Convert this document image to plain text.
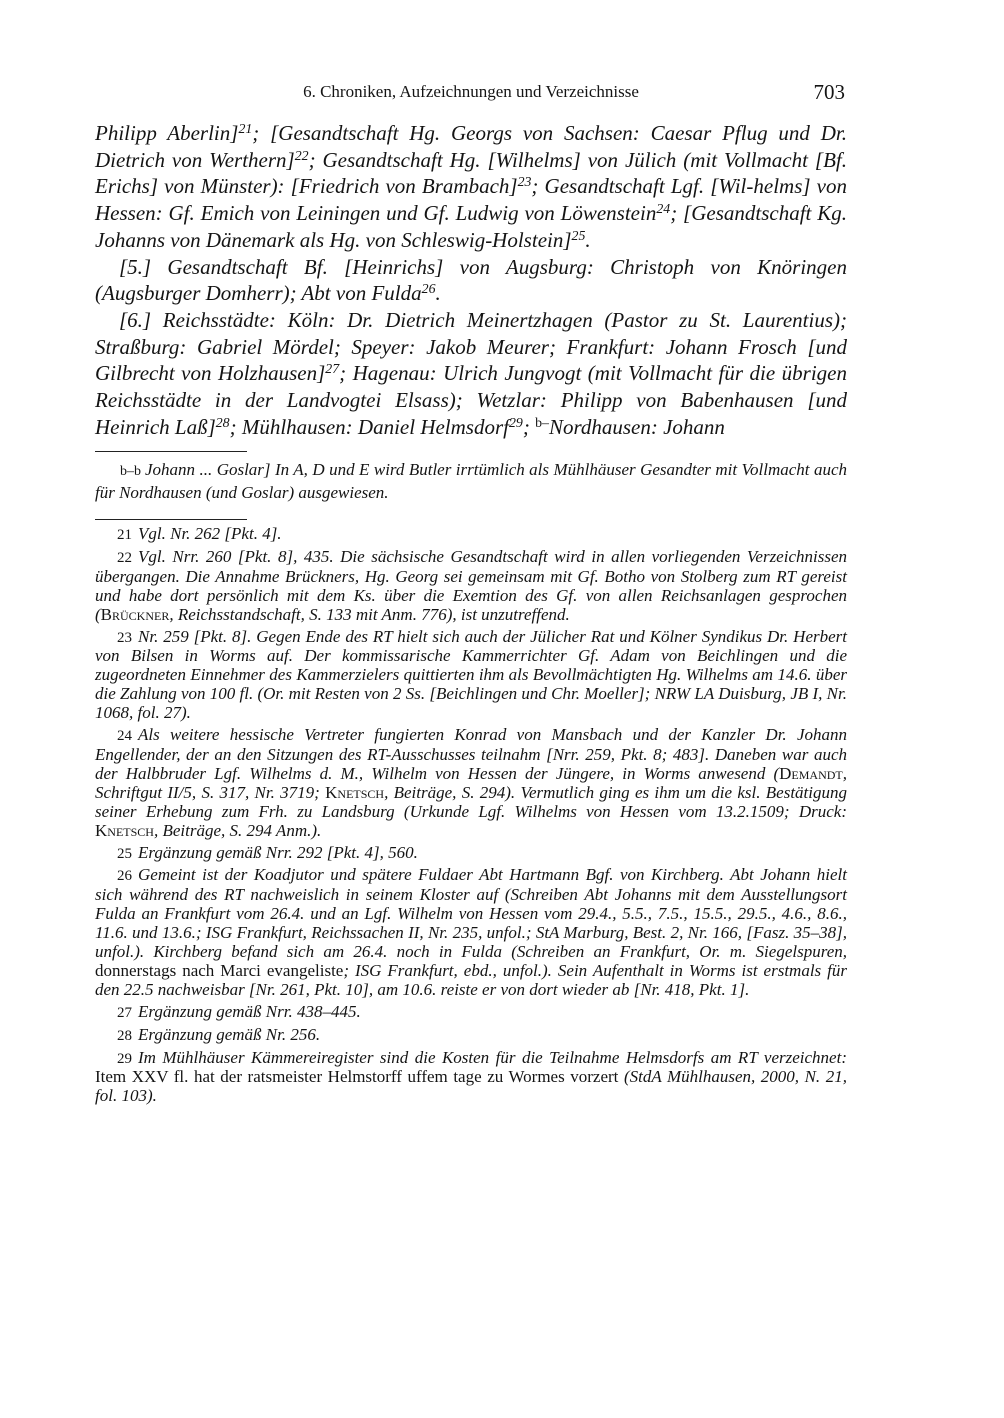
6. Chroniken, Aufzeichnungen und Verzeichnisse	703

Philipp Aberlin]$^{21}$; [Gesandtschaft Hg. Georgs von Sachsen: Caesar Pflug und Dr. Dietrich von Werthern]$^{22}$; Gesandtschaft Hg. [Wilhelms] von Jülich (mit Vollmacht [Bf. Erichs] von Münster): [Friedrich von Brambach]$^{23}$; Gesandtschaft Lgf. [Wil-helms] von Hessen: Gf. Emich von Leiningen und Gf. Ludwig von Löwenstein$^{24}$; [Gesandtschaft Kg. Johanns von Dänemark als Hg. von Schleswig-Holstein]$^{25}$.

[5.] Gesandtschaft Bf. [Heinrichs] von Augsburg: Christoph von Knöringen (Augsburger Domherr); Abt von Fulda$^{26}$.

[6.] Reichsstädte: Köln: Dr. Dietrich Meinertzhagen (Pastor zu St. Laurentius); Straßburg: Gabriel Mördel; Speyer: Jakob Meurer; Frankfurt: Johann Frosch [und Gilbrecht von Holzhausen]$^{27}$; Hagenau: Ulrich Jungvogt (mit Vollmacht für die übrigen Reichsstädte in der Landvogtei Elsass); Wetzlar: Philipp von Babenhausen [und Heinrich Laß]$^{28}$; Mühlhausen: Daniel Helmsdorf$^{29}$; $^{b-}$Nordhausen: Johann

b–b Johann ... Goslar] In A, D und E wird Butler irrtümlich als Mühlhäuser Gesandter mit Vollmacht auch für Nordhausen (und Goslar) ausgewiesen.

21 Vgl. Nr. 262 [Pkt. 4].

22 Vgl. Nrr. 260 [Pkt. 8], 435. Die sächsische Gesandtschaft wird in allen vorliegenden Verzeichnissen übergangen. Die Annahme Brückners, Hg. Georg sei gemeinsam mit Gf. Botho von Stolberg zum RT gereist und habe dort persönlich mit dem Ks. über die Exemtion des Gf. von allen Reichsanlagen gesprochen (Brückner, Reichsstandschaft, S. 133 mit Anm. 776), ist unzutreffend.

23 Nr. 259 [Pkt. 8]. Gegen Ende des RT hielt sich auch der Jülicher Rat und Kölner Syndikus Dr. Herbert von Bilsen in Worms auf. Der kommissarische Kammerrichter Gf. Adam von Beichlingen und die zugeordneten Einnehmer des Kammerzielers quittierten ihm als Bevollmächtigten Hg. Wilhelms am 14.6. über die Zahlung von 100 fl. (Or. mit Resten von 2 Ss. [Beichlingen und Chr. Moeller]; NRW LA Duisburg, JB I, Nr. 1068, fol. 27).

24 Als weitere hessische Vertreter fungierten Konrad von Mansbach und der Kanzler Dr. Johann Engellender, der an den Sitzungen des RT-Ausschusses teilnahm [Nrr. 259, Pkt. 8; 483]. Daneben war auch der Halbbruder Lgf. Wilhelms d. M., Wilhelm von Hessen der Jüngere, in Worms anwesend (Demandt, Schriftgut II/5, S. 317, Nr. 3719; Knetsch, Beiträge, S. 294). Vermutlich ging es ihm um die ksl. Bestätigung seiner Erhebung zum Frh. zu Landsburg (Urkunde Lgf. Wilhelms von Hessen vom 13.2.1509; Druck: Knetsch, Beiträge, S. 294 Anm.).

25 Ergänzung gemäß Nrr. 292 [Pkt. 4], 560.

26 Gemeint ist der Koadjutor und spätere Fuldaer Abt Hartmann Bgf. von Kirchberg. Abt Johann hielt sich während des RT nachweislich in seinem Kloster auf (Schreiben Abt Johanns mit dem Ausstellungsort Fulda an Frankfurt vom 26.4. und an Lgf. Wilhelm von Hessen vom 29.4., 5.5., 7.5., 15.5., 29.5., 4.6., 8.6., 11.6. und 13.6.; ISG Frankfurt, Reichssachen II, Nr. 235, unfol.; StA Marburg, Best. 2, Nr. 166, [Fasz. 35–38], unfol.). Kirchberg befand sich am 26.4. noch in Fulda (Schreiben an Frankfurt, Or. m. Siegelspuren, donnerstags nach Marci evangeliste; ISG Frankfurt, ebd., unfol.). Sein Aufenthalt in Worms ist erstmals für den 22.5 nachweisbar [Nr. 261, Pkt. 10], am 10.6. reiste er von dort wieder ab [Nr. 418, Pkt. 1].

27 Ergänzung gemäß Nrr. 438–445.

28 Ergänzung gemäß Nr. 256.

29 Im Mühlhäuser Kämmereiregister sind die Kosten für die Teilnahme Helmsdorfs am RT verzeichnet: Item XXV fl. hat der ratsmeister Helmstorff uffem tage zu Wormes vorzert (StdA Mühlhausen, 2000, N. 21, fol. 103).
